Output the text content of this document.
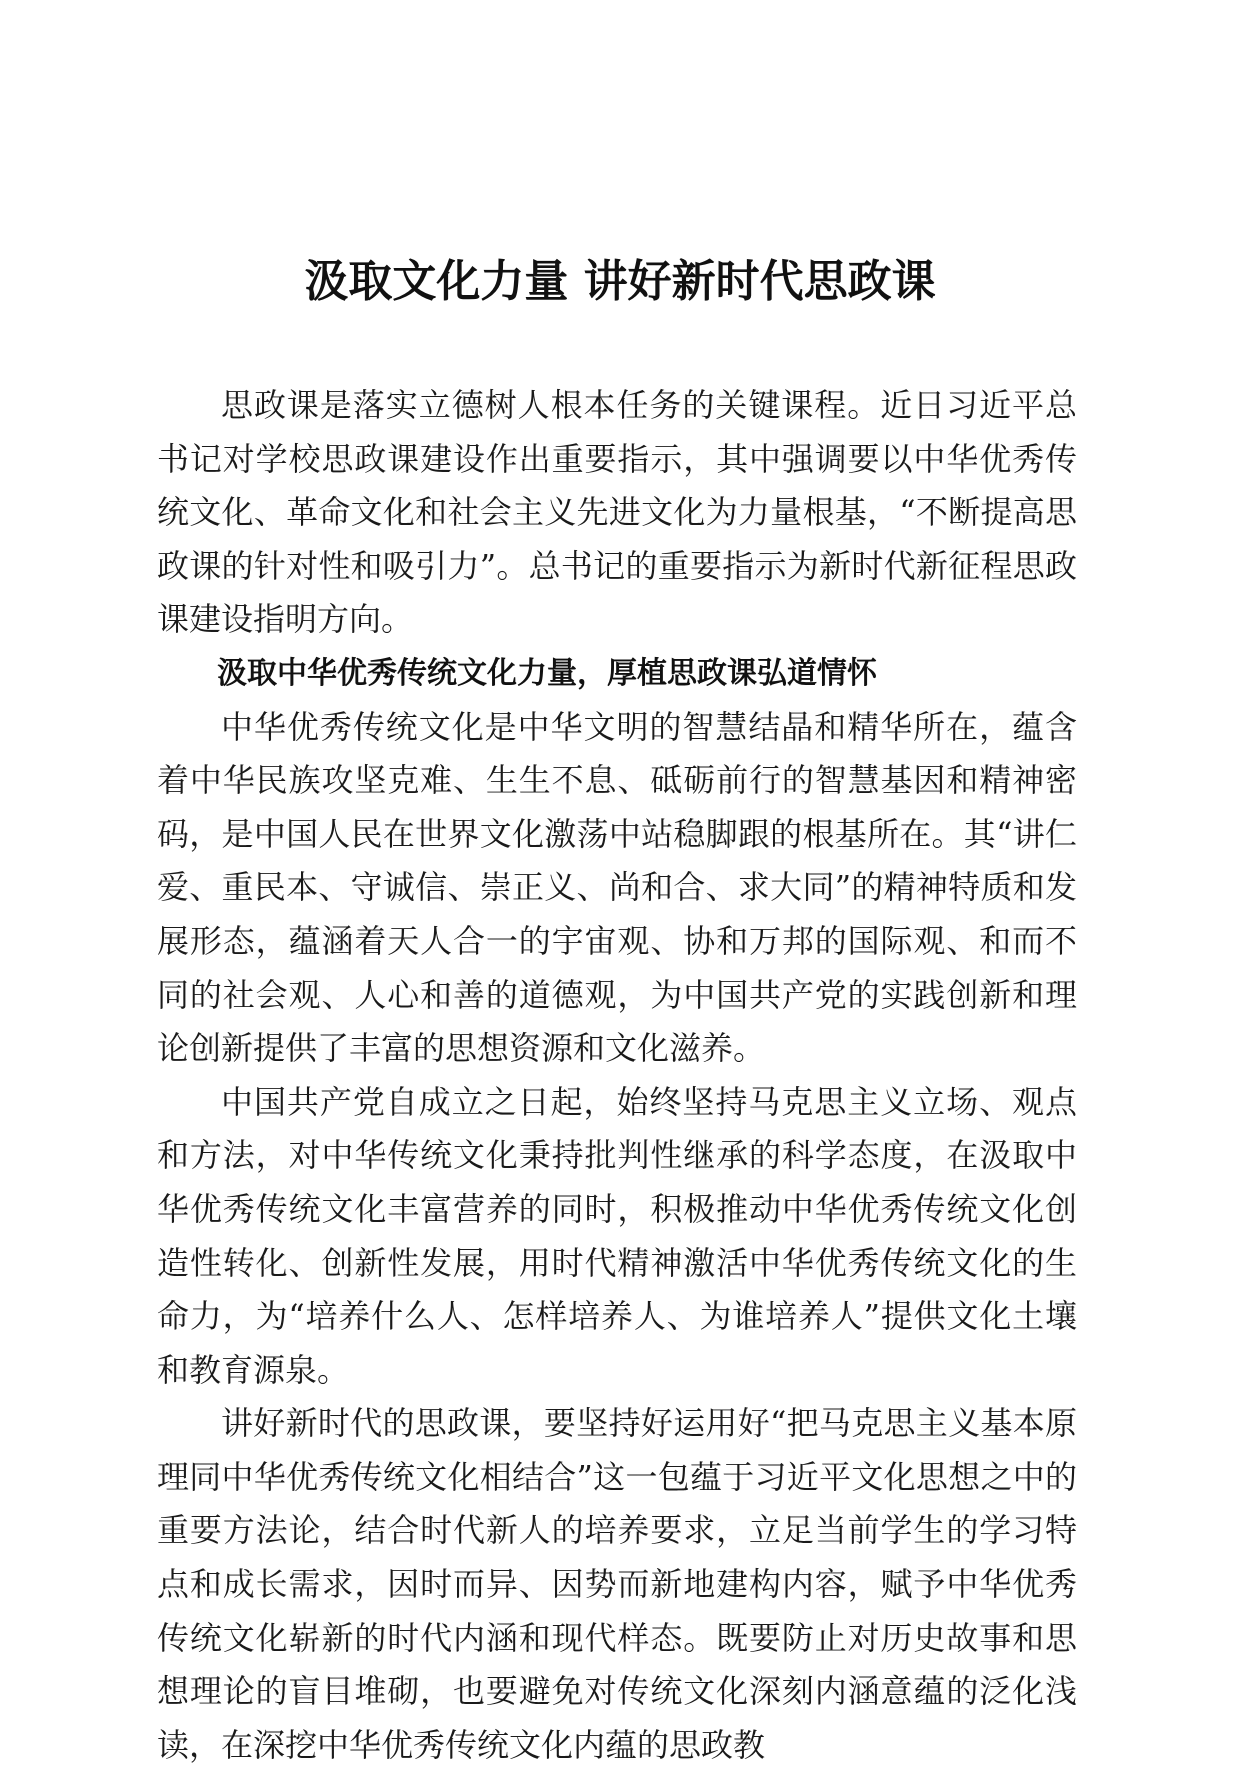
汲取文化力量 讲好新时代思政课

思政课是落实立德树人根本任务的关键课程。近日习近平总书记对学校思政课建设作出重要指示，其中强调要以中华优秀传统文化、革命文化和社会主义先进文化为力量根基，“不断提高思政课的针对性和吸引力”。总书记的重要指示为新时代新征程思政课建设指明方向。

汲取中华优秀传统文化力量，厚植思政课弘道情怀

中华优秀传统文化是中华文明的智慧结晶和精华所在，蕴含着中华民族攻坚克难、生生不息、砥砺前行的智慧基因和精神密码，是中国人民在世界文化激荡中站稳脚跟的根基所在。其“讲仁爱、重民本、守诚信、崇正义、尚和合、求大同”的精神特质和发展形态，蕴涵着天人合一的宇宙观、协和万邦的国际观、和而不同的社会观、人心和善的道德观，为中国共产党的实践创新和理论创新提供了丰富的思想资源和文化滋养。

中国共产党自成立之日起，始终坚持马克思主义立场、观点和方法，对中华传统文化秉持批判性继承的科学态度，在汲取中华优秀传统文化丰富营养的同时，积极推动中华优秀传统文化创造性转化、创新性发展，用时代精神激活中华优秀传统文化的生命力，为“培养什么人、怎样培养人、为谁培养人”提供文化土壤和教育源泉。

讲好新时代的思政课，要坚持好运用好“把马克思主义基本原理同中华优秀传统文化相结合”这一包蕴于习近平文化思想之中的重要方法论，结合时代新人的培养要求，立足当前学生的学习特点和成长需求，因时而异、因势而新地建构内容，赋予中华优秀传统文化崭新的时代内涵和现代样态。既要防止对历史故事和思想理论的盲目堆砌，也要避免对传统文化深刻内涵意蕴的泛化浅读，在深挖中华优秀传统文化内蕴的思政教
